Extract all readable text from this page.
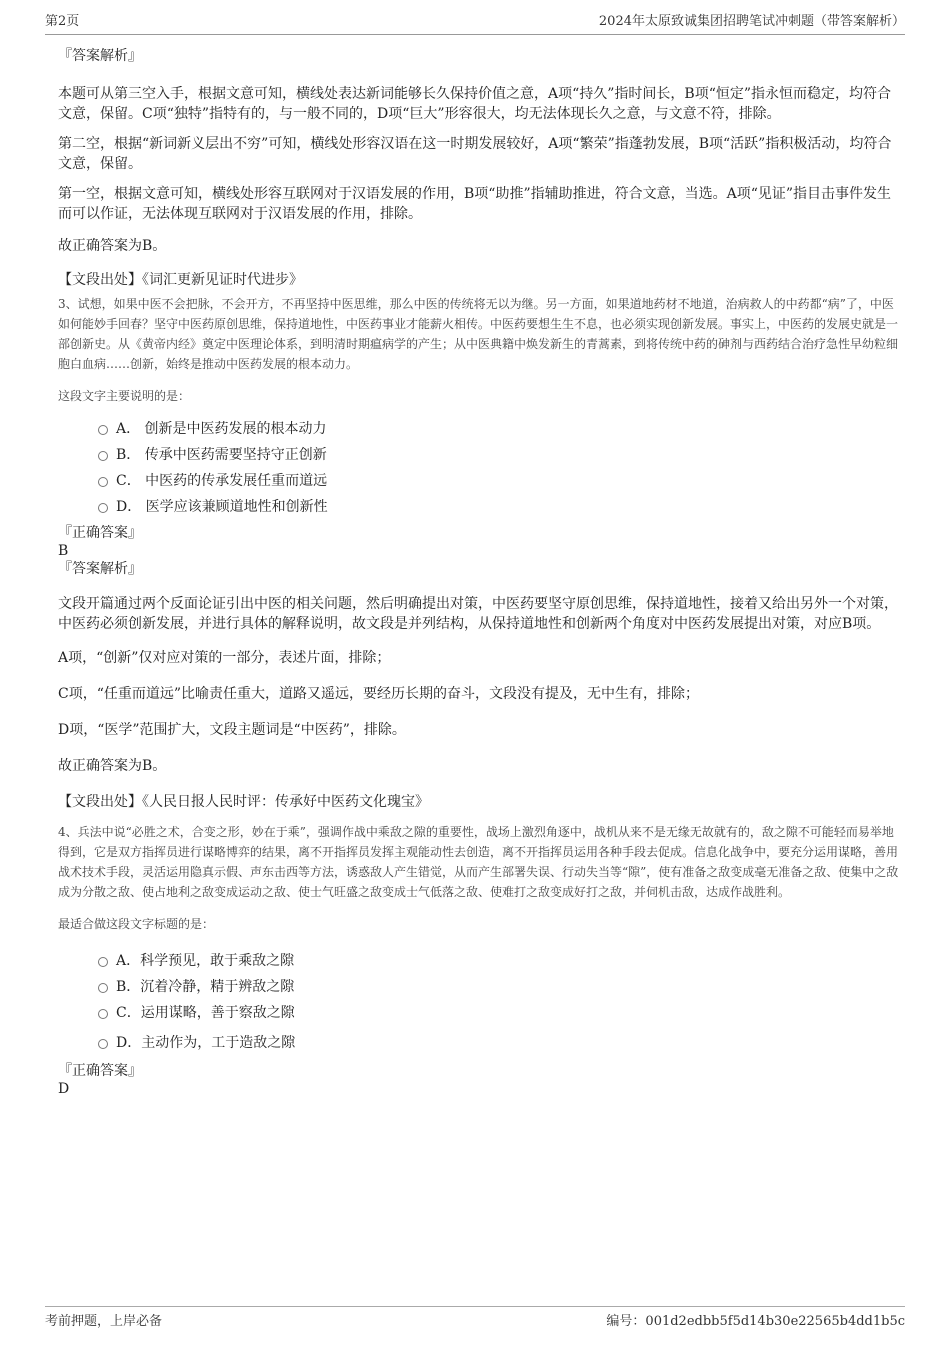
第2页	2024年太原致诚集团招聘笔试冲刺题（带答案解析）

『答案解析』

本题可从第三空入手，根据文意可知，横线处表达新词能够长久保持价值之意，A项“持久”指时间长，B项“恒定”指永恒而稳定，均符合文意，保留。C项“独特”指特有的，与一般不同的，D项“巨大”形容很大，均无法体现长久之意，与文意不符，排除。

第二空，根据“新词新义层出不穷”可知，横线处形容汉语在这一时期发展较好，A项“繁荣”指蓬勃发展，B项“活跃”指积极活动，均符合文意，保留。

第一空，根据文意可知，横线处形容互联网对于汉语发展的作用，B项“助推”指辅助推进，符合文意，当选。A项“见证”指目击事件发生而可以作证，无法体现互联网对于汉语发展的作用，排除。

故正确答案为B。

【文段出处】《词汇更新见证时代进步》

3、试想，如果中医不会把脉，不会开方，不再坚持中医思维，那么中医的传统将无以为继。另一方面，如果道地药材不地道，治病救人的中药都“病”了，中医如何能妙手回春？坚守中医药原创思维，保持道地性，中医药事业才能薪火相传。中医药要想生生不息，也必须实现创新发展。事实上，中医药的发展史就是一部创新史。从《黄帝内经》奠定中医理论体系，到明清时期瘟病学的产生；从中医典籍中焕发新生的青蒿素，到将传统中药的砷剂与西药结合治疗急性早幼粒细胞白血病……创新，始终是推动中医药发展的根本动力。

这段文字主要说明的是：

A． 创新是中医药发展的根本动力
B． 传承中医药需要坚持守正创新
C． 中医药的传承发展任重而道远
D． 医学应该兼顾道地性和创新性

『正确答案』

B

『答案解析』

文段开篇通过两个反面论证引出中医的相关问题，然后明确提出对策，中医药要坚守原创思维，保持道地性，接着又给出另外一个对策，中医药必须创新发展，并进行具体的解释说明，故文段是并列结构，从保持道地性和创新两个角度对中医药发展提出对策，对应B项。

A项，“创新”仅对应对策的一部分，表述片面，排除；

C项，“任重而道远”比喻责任重大，道路又遥远，要经历长期的奋斗，文段没有提及，无中生有，排除；

D项，“医学”范围扩大，文段主题词是“中医药”，排除。

故正确答案为B。

【文段出处】《人民日报人民时评：传承好中医药文化瑰宝》

4、兵法中说“必胜之术，合变之形，妙在于乘”，强调作战中乘敌之隙的重要性，战场上激烈角逐中，战机从来不是无缘无故就有的，敌之隙不可能轻而易举地得到，它是双方指挥员进行谋略博弈的结果，离不开指挥员发挥主观能动性去创造，离不开指挥员运用各种手段去促成。信息化战争中，要充分运用谋略，善用战术技术手段，灵活运用隐真示假、声东击西等方法，诱惑敌人产生错觉，从而产生部署失误、行动失当等“隙”，使有准备之敌变成毫无准备之敌、使集中之敌成为分散之敌、使占地利之敌变成运动之敌、使士气旺盛之敌变成士气低落之敌、使难打之敌变成好打之敌，并伺机击敌，达成作战胜利。

最适合做这段文字标题的是：

A．科学预见，敢于乘敌之隙
B．沉着冷静，精于辨敌之隙
C．运用谋略，善于察敌之隙
D．主动作为，工于造敌之隙

『正确答案』

D

考前押题，上岸必备	编号：001d2edbb5f5d14b30e22565b4dd1b5c
